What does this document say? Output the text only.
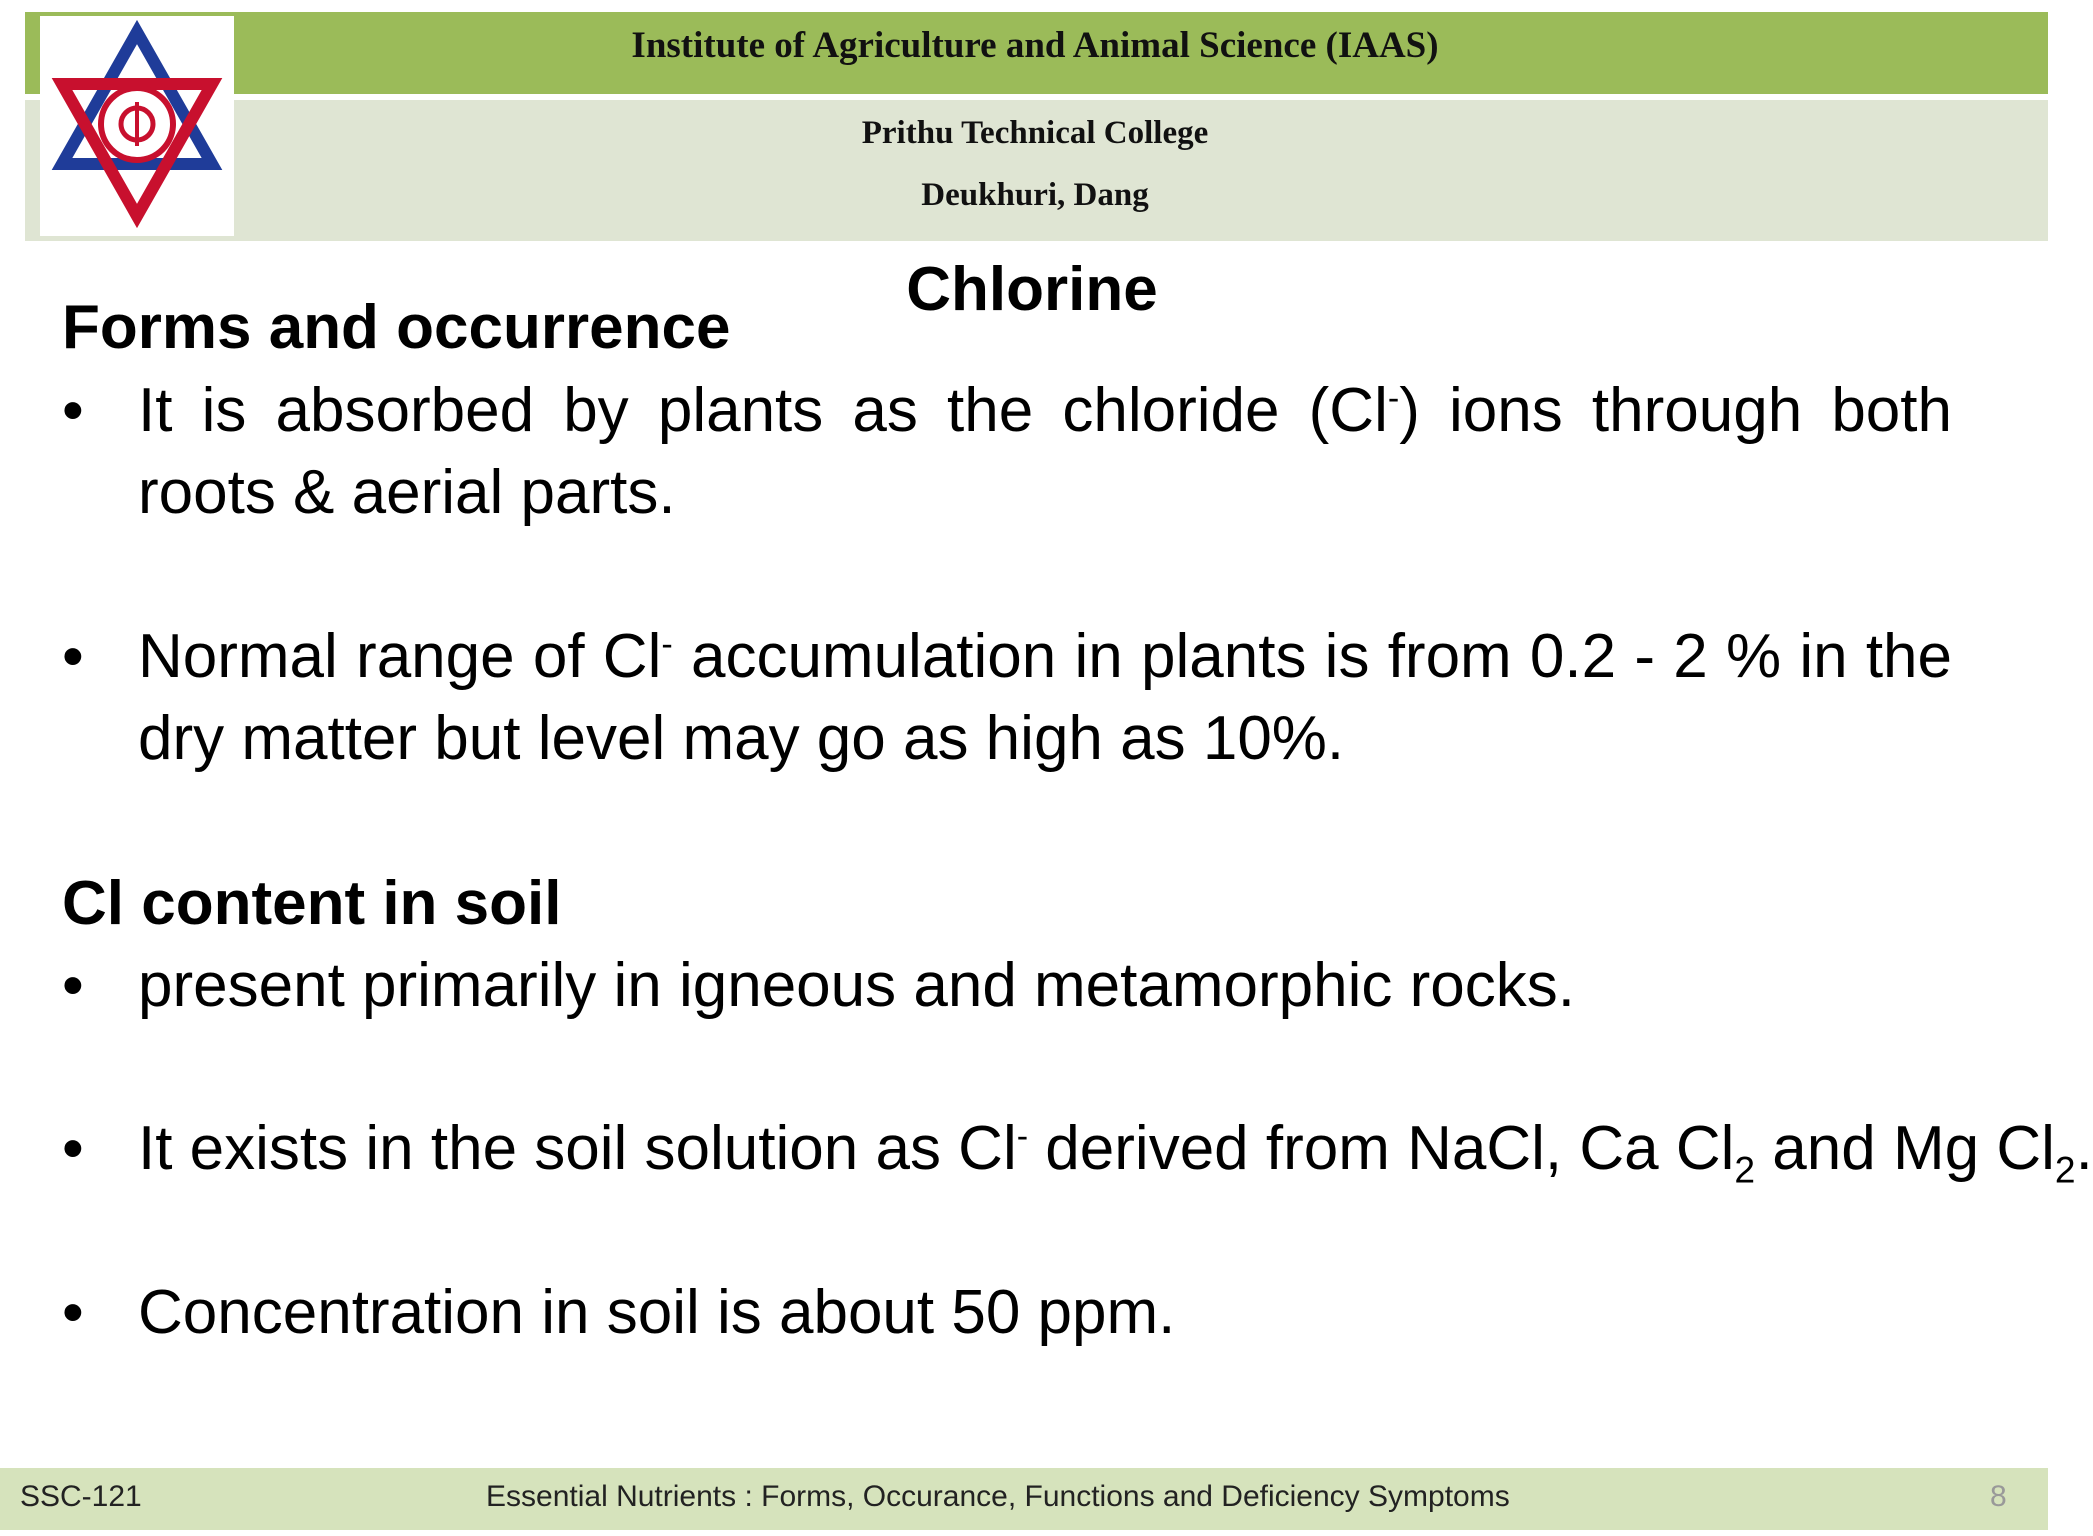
Institute of Agriculture and Animal Science (IAAS)
Prithu Technical College
Deukhuri, Dang
Chlorine
Forms and occurrence
• It is absorbed by plants as the chloride (Cl-) ions through both roots & aerial parts.
• Normal range of Cl- accumulation in plants is from 0.2 - 2 % in the dry matter but level may go as high as 10%.
Cl content in soil
• present primarily in igneous and metamorphic rocks.
• It exists in the soil solution as Cl- derived from NaCl, Ca $Cl_2$ and Mg $Cl_2$.
• Concentration in soil is about 50 ppm.
SSC-121	Essential Nutrients : Forms, Occurance, Functions and Deficiency Symptoms	8
